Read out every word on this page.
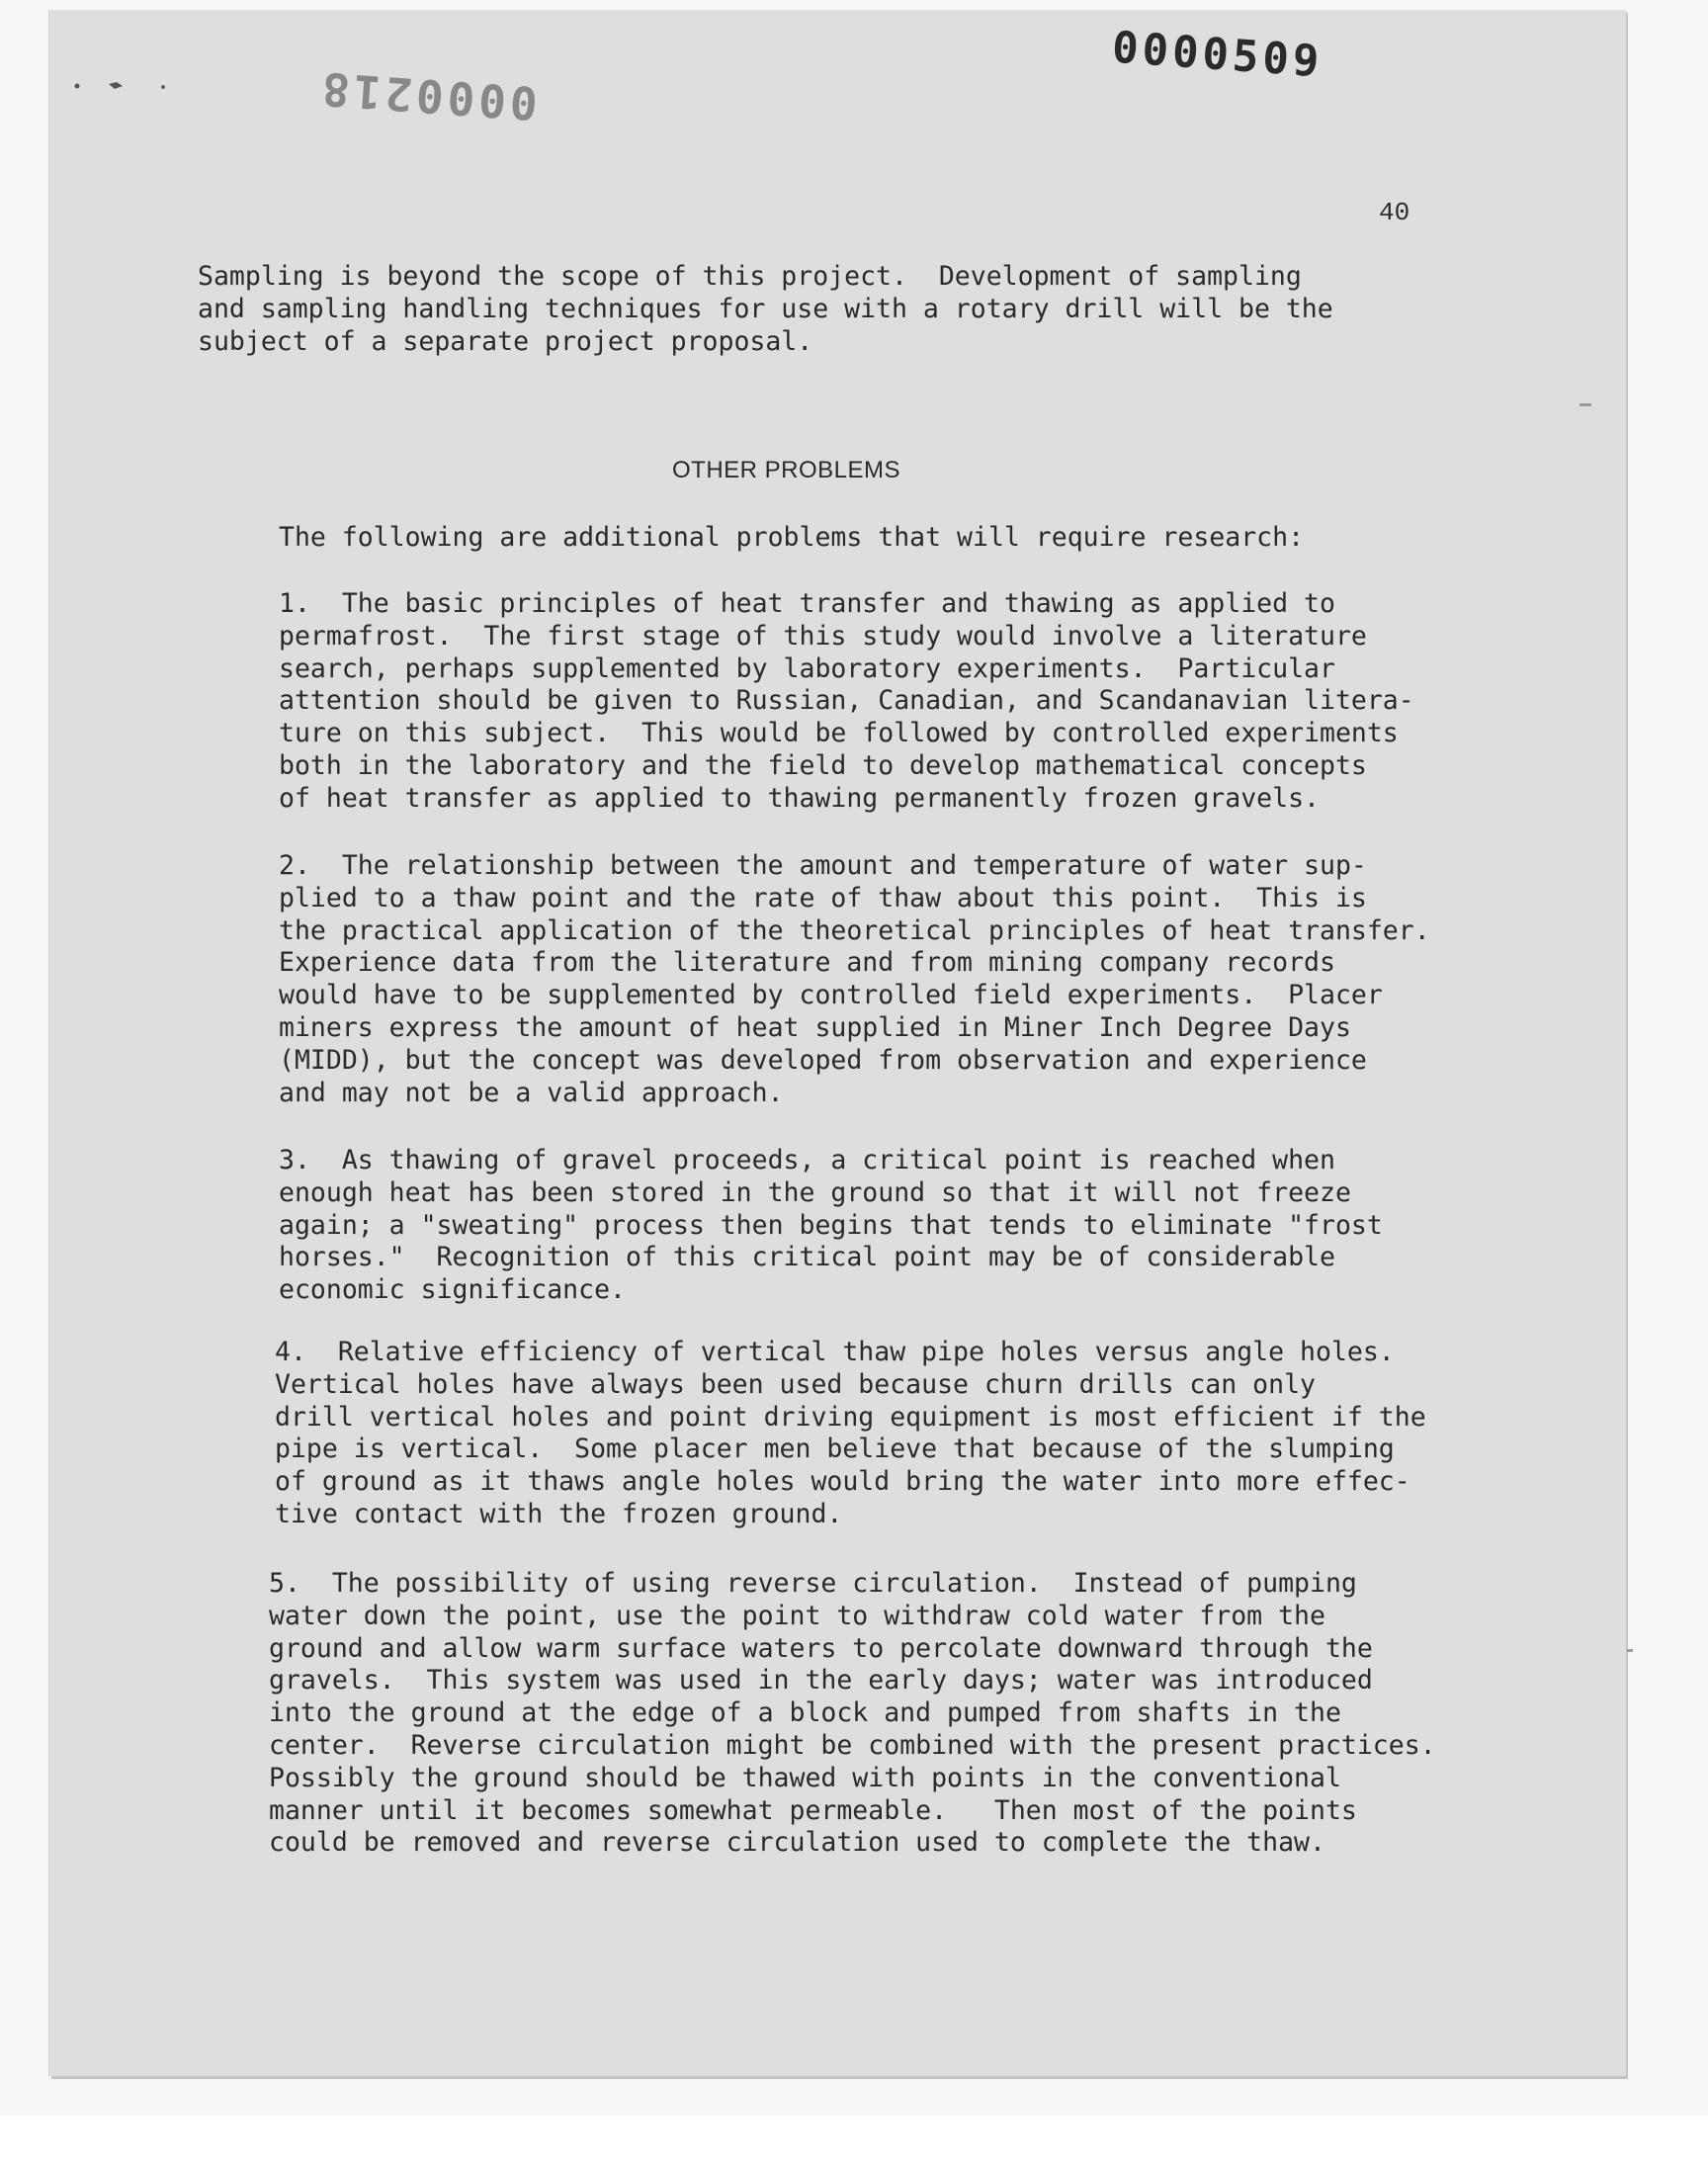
0000509
0000218
40
Sampling is beyond the scope of this project.  Development of sampling
and sampling handling techniques for use with a rotary drill will be the
subject of a separate project proposal.
OTHER PROBLEMS
The following are additional problems that will require research:
1.  The basic principles of heat transfer and thawing as applied to
permafrost.  The first stage of this study would involve a literature
search, perhaps supplemented by laboratory experiments.  Particular
attention should be given to Russian, Canadian, and Scandanavian litera-
ture on this subject.  This would be followed by controlled experiments
both in the laboratory and the field to develop mathematical concepts
of heat transfer as applied to thawing permanently frozen gravels.
2.  The relationship between the amount and temperature of water sup-
plied to a thaw point and the rate of thaw about this point.  This is
the practical application of the theoretical principles of heat transfer.
Experience data from the literature and from mining company records
would have to be supplemented by controlled field experiments.  Placer
miners express the amount of heat supplied in Miner Inch Degree Days
(MIDD), but the concept was developed from observation and experience
and may not be a valid approach.
3.  As thawing of gravel proceeds, a critical point is reached when
enough heat has been stored in the ground so that it will not freeze
again; a "sweating" process then begins that tends to eliminate "frost
horses."  Recognition of this critical point may be of considerable
economic significance.
4.  Relative efficiency of vertical thaw pipe holes versus angle holes.
Vertical holes have always been used because churn drills can only
drill vertical holes and point driving equipment is most efficient if the
pipe is vertical.  Some placer men believe that because of the slumping
of ground as it thaws angle holes would bring the water into more effec-
tive contact with the frozen ground.
5.  The possibility of using reverse circulation.  Instead of pumping
water down the point, use the point to withdraw cold water from the
ground and allow warm surface waters to percolate downward through the
gravels.  This system was used in the early days; water was introduced
into the ground at the edge of a block and pumped from shafts in the
center.  Reverse circulation might be combined with the present practices.
Possibly the ground should be thawed with points in the conventional
manner until it becomes somewhat permeable.   Then most of the points
could be removed and reverse circulation used to complete the thaw.
